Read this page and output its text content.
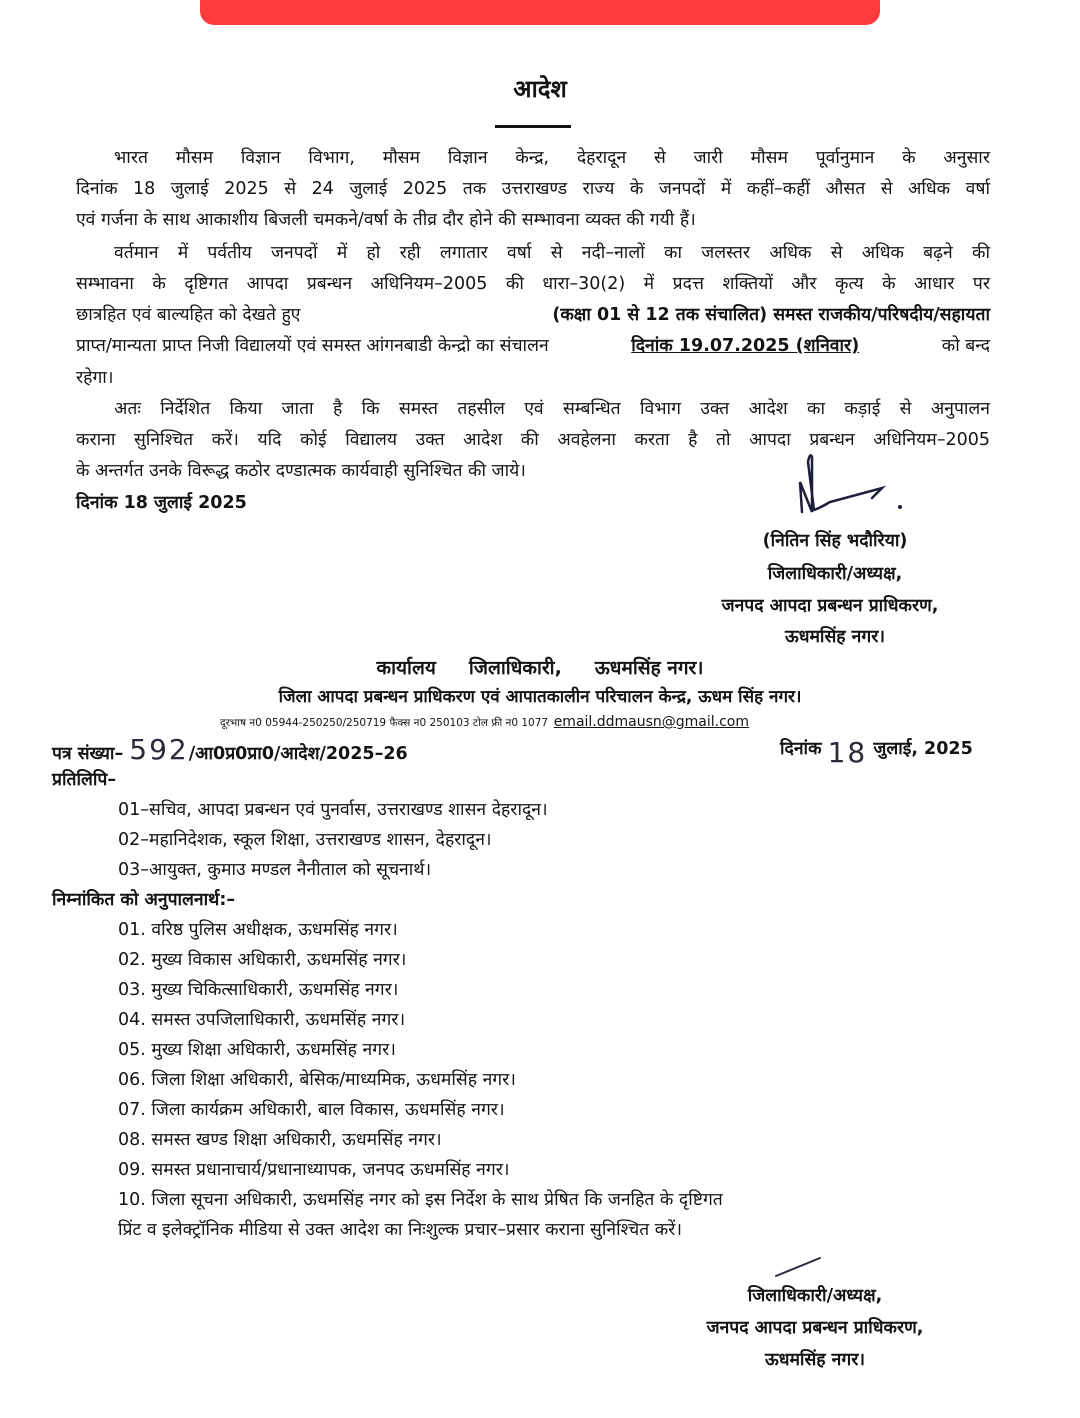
आदेश
भारत मौसम विज्ञान विभाग, मौसम विज्ञान केन्द्र, देहरादून से जारी मौसम पूर्वानुमान के अनुसार
दिनांक 18 जुलाई 2025 से 24 जुलाई 2025 तक उत्तराखण्ड राज्य के जनपदों में कहीं–कहीं औसत से अधिक वर्षा
एवं गर्जना के साथ आकाशीय बिजली चमकने/वर्षा के तीव्र दौर होने की सम्भावना व्यक्त की गयी हैं।
वर्तमान में पर्वतीय जनपदों में हो रही लगातार वर्षा से नदी–नालों का जलस्तर अधिक से अधिक बढ़ने की
सम्भावना के दृष्टिगत आपदा प्रबन्धन अधिनियम–2005 की धारा–30(2) में प्रदत्त शक्तियों और कृत्य के आधार पर
छात्रहित एवं बाल्यहित को देखते हुए	(कक्षा 01 से 12 तक संचालित) समस्त राजकीय/परिषदीय/सहायता
प्राप्त/मान्यता प्राप्त निजी विद्यालयों एवं समस्त आंगनबाडी केन्द्रो का संचालन	दिनांक 19.07.2025 (शनिवार)	को बन्द
रहेगा।
अतः निर्देशित किया जाता है कि समस्त तहसील एवं सम्बन्धित विभाग उक्त आदेश का कड़ाई से अनुपालन
कराना सुनिश्चित करें। यदि कोई विद्यालय उक्त आदेश की अवहेलना करता है तो आपदा प्रबन्धन अधिनियम–2005
के अन्तर्गत उनके विरूद्ध कठोर दण्डात्मक कार्यवाही सुनिश्चित की जाये।
दिनांक 18 जुलाई 2025
(नितिन सिंह भदौरिया)
जिलाधिकारी/अध्यक्ष,
जनपद आपदा प्रबन्धन प्राधिकरण,
ऊधमसिंह नगर।
कार्यालय     जिलाधिकारी,     ऊधमसिंह नगर।
जिला आपदा प्रबन्धन प्राधिकरण एवं आपातकालीन परिचालन केन्द्र, ऊधम सिंह नगर।
दूरभाष न0 05944-250250/250719 फैक्स न0 250103 टोल फ्री न0 1077 email.ddmausn@gmail.com
पत्र संख्या– 592/आ0प्र0प्रा0/आदेश/2025–26	दिनांक 18 जुलाई, 2025
प्रतिलिपि–
01–सचिव, आपदा प्रबन्धन एवं पुनर्वास, उत्तराखण्ड शासन देहरादून।
02–महानिदेशक, स्कूल शिक्षा, उत्तराखण्ड शासन, देहरादून।
03–आयुक्त, कुमाउ मण्डल नैनीताल को सूचनार्थ।
निम्नांकित को अनुपालनार्थ:–
01. वरिष्ठ पुलिस अधीक्षक, ऊधमसिंह नगर।
02. मुख्य विकास अधिकारी, ऊधमसिंह नगर।
03. मुख्य चिकित्साधिकारी, ऊधमसिंह नगर।
04. समस्त उपजिलाधिकारी, ऊधमसिंह नगर।
05. मुख्य शिक्षा अधिकारी, ऊधमसिंह नगर।
06. जिला शिक्षा अधिकारी, बेसिक/माध्यमिक, ऊधमसिंह नगर।
07. जिला कार्यक्रम अधिकारी, बाल विकास, ऊधमसिंह नगर।
08. समस्त खण्ड शिक्षा अधिकारी, ऊधमसिंह नगर।
09. समस्त प्रधानाचार्य/प्रधानाध्यापक, जनपद ऊधमसिंह नगर।
10. जिला सूचना अधिकारी, ऊधमसिंह नगर को इस निर्देश के साथ प्रेषित कि जनहित के दृष्टिगत
प्रिंट व इलेक्ट्रॉनिक मीडिया से उक्त आदेश का निःशुल्क प्रचार–प्रसार कराना सुनिश्चित करें।
जिलाधिकारी/अध्यक्ष,
जनपद आपदा प्रबन्धन प्राधिकरण,
ऊधमसिंह नगर।
